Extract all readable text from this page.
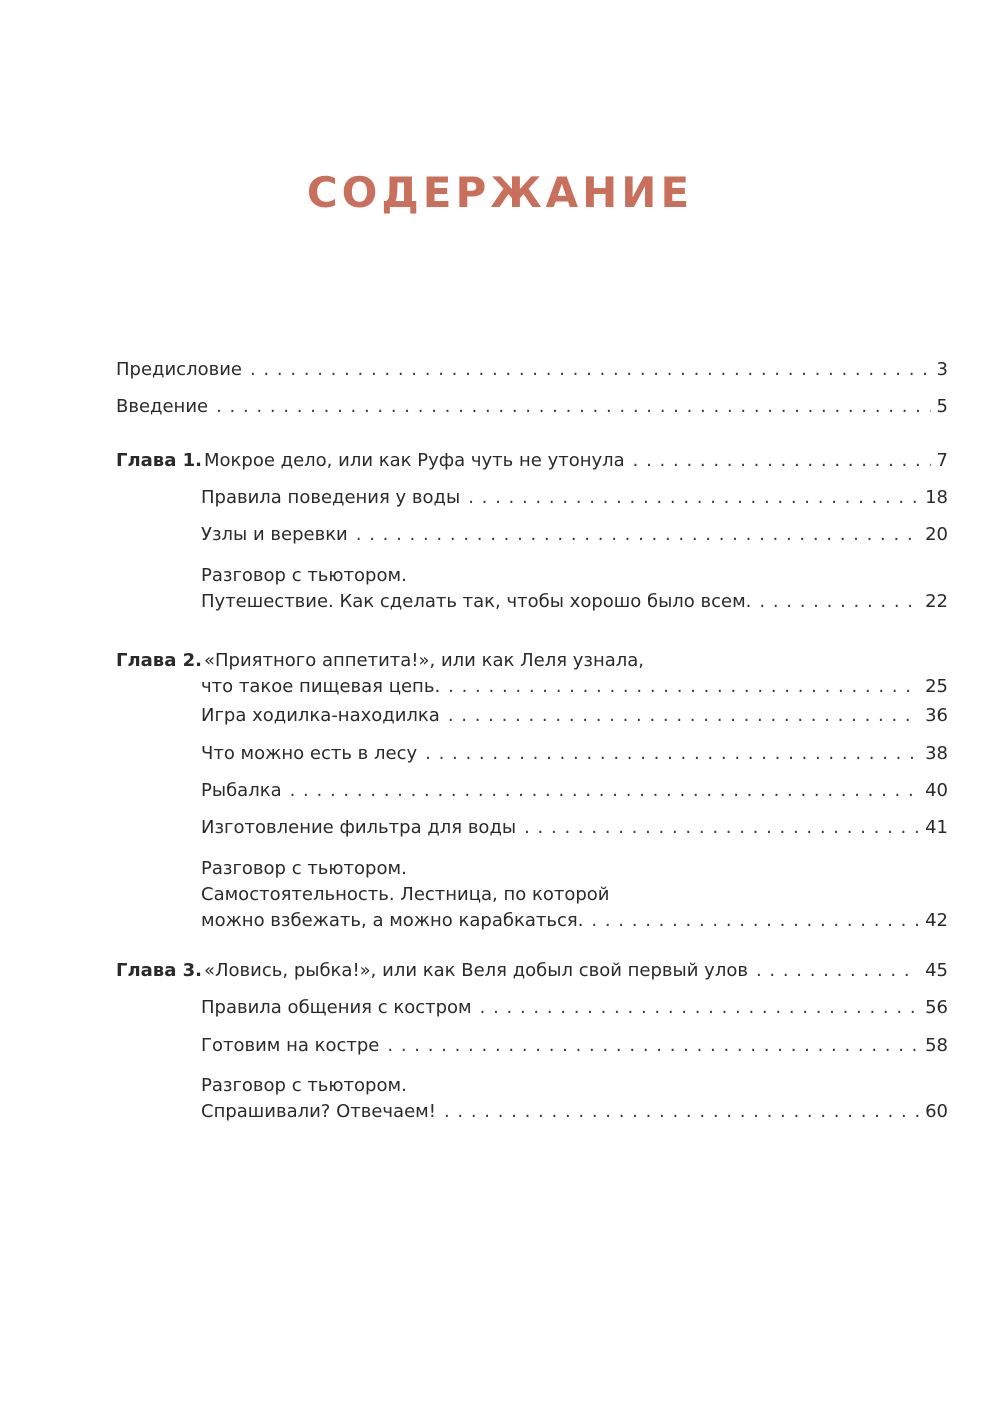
СОДЕРЖАНИЕ
Предисловие . . .	3
Введение . . .	5
Глава 1. Мокрое дело, или как Руфа чуть не утонула . . .	7
Правила поведения у воды . . .	18
Узлы и веревки . . .	20
Разговор с тьютором.
Путешествие. Как сделать так, чтобы хорошо было всем. . . .	22
Глава 2. «Приятного аппетита!», или как Леля узнала,
что такое пищевая цепь. . . .	25
Игра ходилка-находилка . . .	36
Что можно есть в лесу . . .	38
Рыбалка . . .	40
Изготовление фильтра для воды . . .	41
Разговор с тьютором.
Самостоятельность. Лестница, по которой
можно взбежать, а можно карабкаться. . . .	42
Глава 3. «Ловись, рыбка!», или как Веля добыл свой первый улов . . .	45
Правила общения с костром . . .	56
Готовим на костре . . .	58
Разговор с тьютором.
Спрашивали? Отвечаем! . . .	60
